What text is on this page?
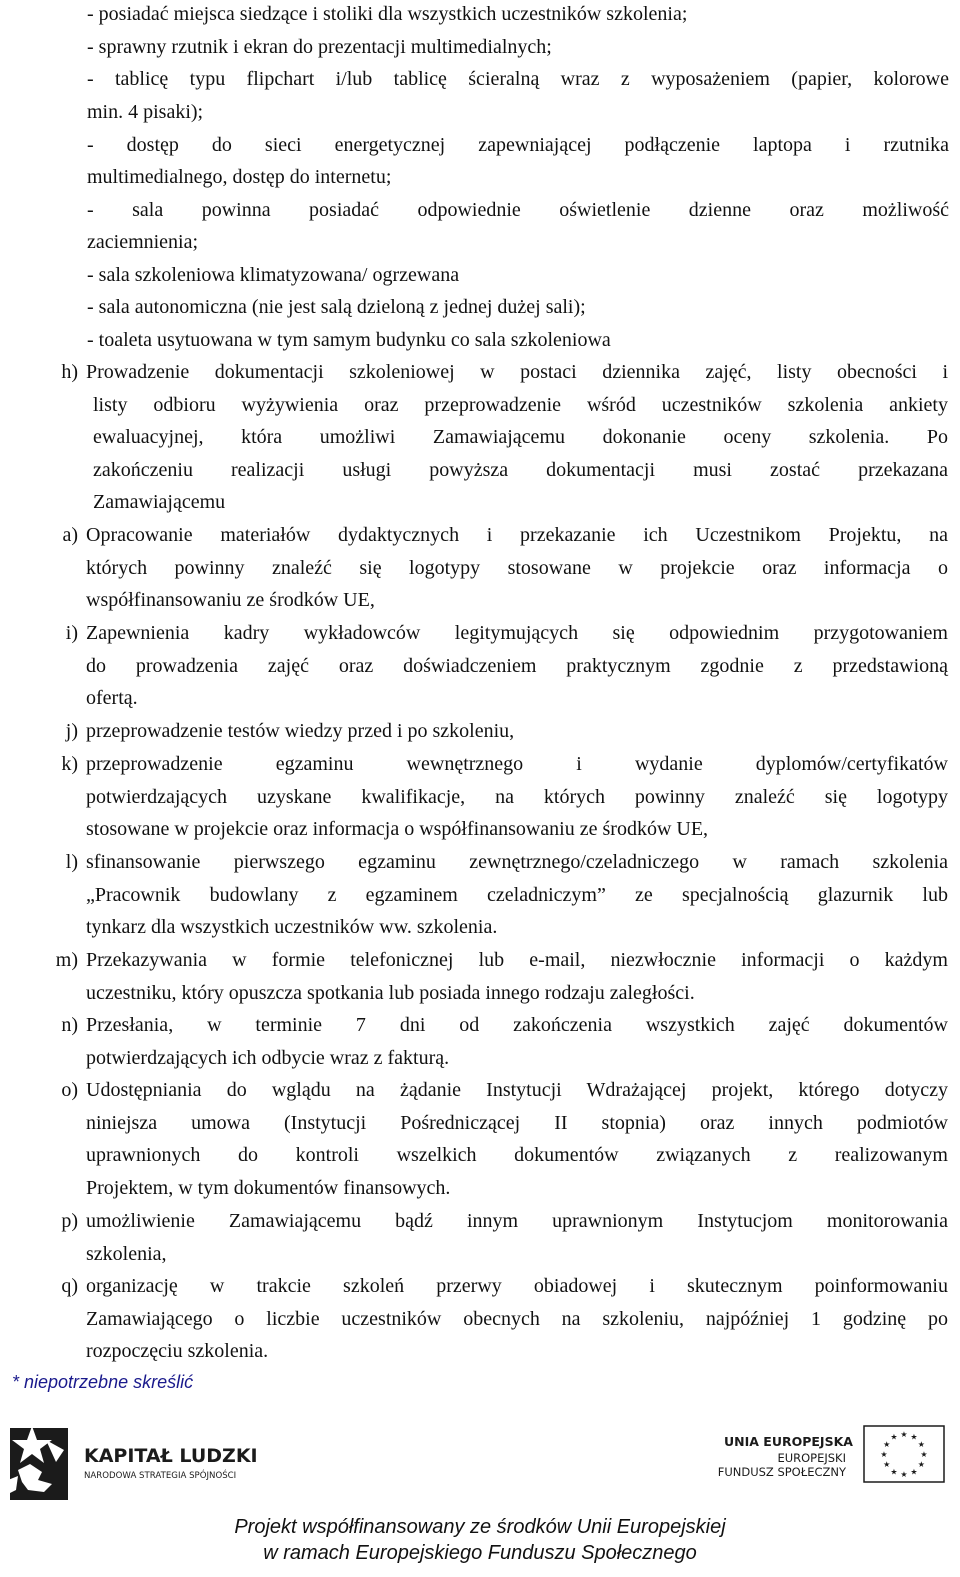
- posiadać miejsca siedzące i stoliki dla wszystkich uczestników szkolenia;
- sprawny rzutnik i ekran do prezentacji multimedialnych;
- tablicę typu flipchart i/lub tablicę ścieralną wraz z wyposażeniem (papier, kolorowe
min. 4 pisaki);
- dostęp do sieci energetycznej zapewniającej podłączenie laptopa i rzutnika
multimedialnego, dostęp do internetu;
- sala powinna posiadać odpowiednie oświetlenie dzienne oraz możliwość
zaciemnienia;
- sala szkoleniowa klimatyzowana/ ogrzewana
- sala autonomiczna (nie jest salą dzieloną z jednej dużej sali);
- toaleta usytuowana w tym samym budynku co sala szkoleniowa
h) Prowadzenie dokumentacji szkoleniowej w postaci dziennika zajęć, listy obecności i
listy odbioru wyżywienia oraz przeprowadzenie wśród uczestników szkolenia ankiety
ewaluacyjnej, która umożliwi Zamawiającemu dokonanie oceny szkolenia. Po
zakończeniu realizacji usługi powyższa dokumentacji musi zostać przekazana
Zamawiającemu
a) Opracowanie materiałów dydaktycznych i przekazanie ich Uczestnikom Projektu, na
których powinny znaleźć się logotypy stosowane w projekcie oraz informacja o
współfinansowaniu ze środków UE,
i) Zapewnienia kadry wykładowców legitymujących się odpowiednim przygotowaniem
do prowadzenia zajęć oraz doświadczeniem praktycznym zgodnie z przedstawioną
ofertą.
j) przeprowadzenie testów wiedzy przed i po szkoleniu,
k) przeprowadzenie egzaminu wewnętrznego i wydanie dyplomów/certyfikatów
potwierdzających uzyskane kwalifikacje, na których powinny znaleźć się logotypy
stosowane w projekcie oraz informacja o współfinansowaniu ze środków UE,
l) sfinansowanie pierwszego egzaminu zewnętrznego/czeladniczego w ramach szkolenia
„Pracownik budowlany z egzaminem czeladniczym” ze specjalnością glazurnik lub
tynkarz dla wszystkich uczestników ww. szkolenia.
m) Przekazywania w formie telefonicznej lub e-mail, niezwłocznie informacji o każdym
uczestniku, który opuszcza spotkania lub posiada innego rodzaju zaległości.
n) Przesłania, w terminie 7 dni od zakończenia wszystkich zajęć dokumentów
potwierdzających ich odbycie wraz z fakturą.
o) Udostępniania do wglądu na żądanie Instytucji Wdrażającej projekt, którego dotyczy
niniejsza umowa (Instytucji Pośredniczącej II stopnia) oraz innych podmiotów
uprawnionych do kontroli wszelkich dokumentów związanych z realizowanym
Projektem, w tym dokumentów finansowych.
p) umożliwienie Zamawiającemu bądź innym uprawnionym Instytucjom monitorowania
szkolenia,
q) organizację w trakcie szkoleń przerwy obiadowej i skutecznym poinformowaniu
Zamawiającego o liczbie uczestników obecnych na szkoleniu, najpóźniej 1 godzinę po
rozpoczęciu szkolenia.
* niepotrzebne skreślić
KAPITAŁ LUDZKI
NARODOWA STRATEGIA SPÓJNOŚCI
UNIA EUROPEJSKA
EUROPEJSKI
FUNDUSZ SPOŁECZNY
★ ★
★
★
★
★
★
★
★
★
★
★
Projekt współfinansowany ze środków Unii Europejskiej
w ramach Europejskiego Funduszu Społecznego
